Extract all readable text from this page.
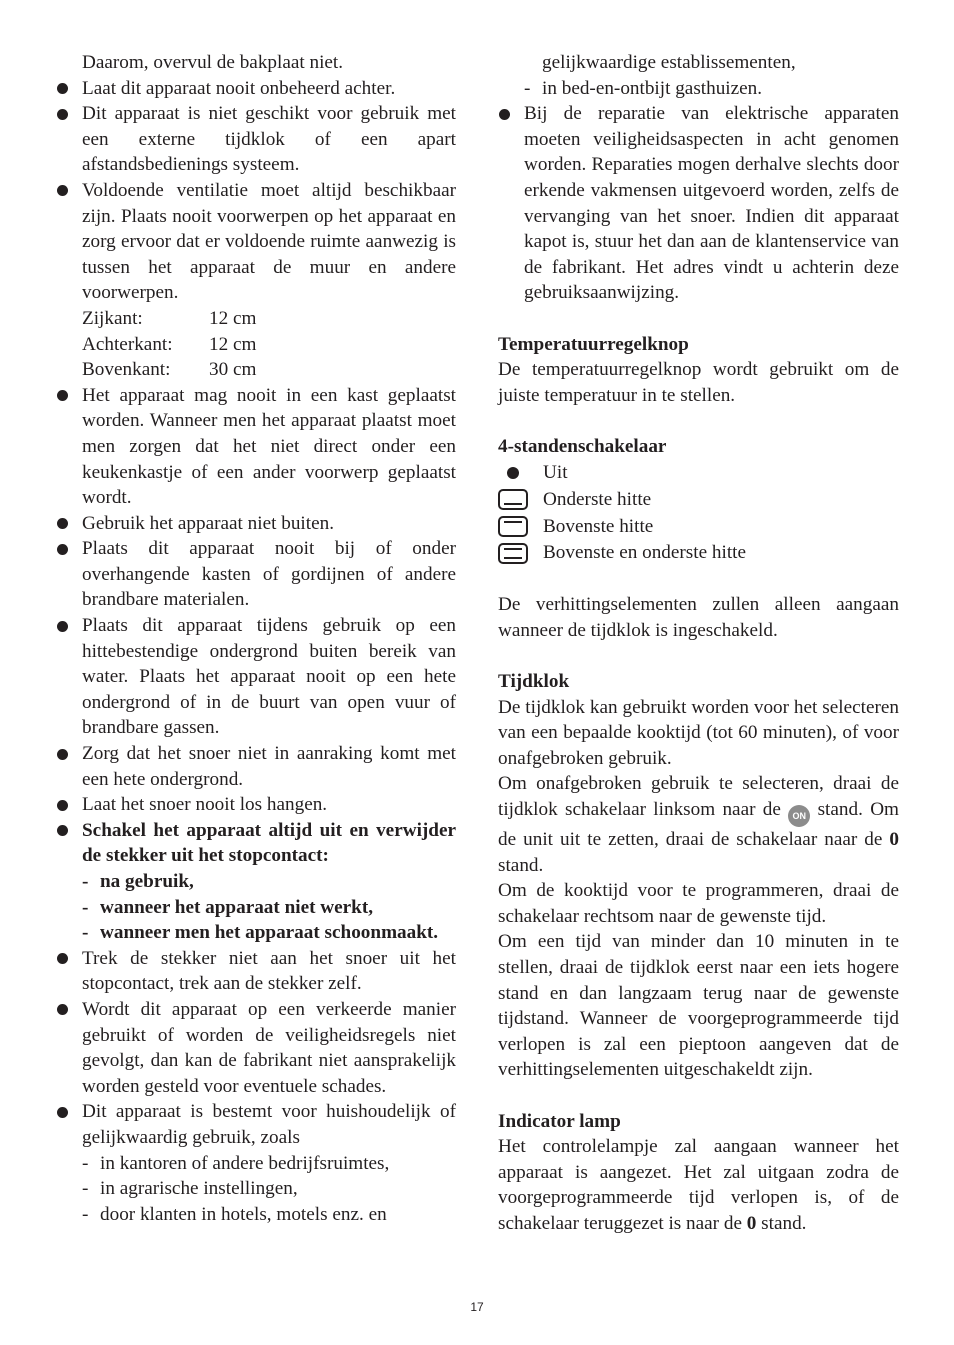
Daarom, overvul de bakplaat niet.
Laat dit apparaat nooit onbeheerd achter.
Dit apparaat is niet geschikt voor gebruik met een externe tijdklok of een apart afstandsbedienings systeem.
Voldoende ventilatie moet altijd beschikbaar zijn. Plaats nooit voorwerpen op het apparaat en zorg ervoor dat er voldoende ruimte aanwezig is tussen het apparaat de muur en andere voorwerpen.
Zijkant:	12 cm
Achterkant:	12 cm
Bovenkant:	30 cm
Het apparaat mag nooit in een kast geplaatst worden. Wanneer men het apparaat plaatst moet men zorgen dat het niet direct onder een keukenkastje of een ander voorwerp geplaatst wordt.
Gebruik het apparaat niet buiten.
Plaats dit apparaat nooit bij of onder overhangende kasten of gordijnen of andere brandbare materialen.
Plaats dit apparaat tijdens gebruik op een hittebestendige ondergrond buiten bereik van water. Plaats het apparaat nooit op een hete ondergrond of in de buurt van open vuur of brandbare gassen.
Zorg dat het snoer niet in aanraking komt met een hete ondergrond.
Laat het snoer nooit los hangen.
Schakel het apparaat altijd uit en verwijder de stekker uit het stopcontact:
- na gebruik,
- wanneer het apparaat niet werkt,
- wanneer men het apparaat schoonmaakt.
Trek de stekker niet aan het snoer uit het stopcontact, trek aan de stekker zelf.
Wordt dit apparaat op een verkeerde manier gebruikt of worden de veiligheidsregels niet gevolgt, dan kan de fabrikant niet aansprakelijk worden gesteld voor eventuele schades.
Dit apparaat is bestemt voor huishoudelijk of gelijkwaardig gebruik, zoals
- in kantoren of andere bedrijfsruimtes,
- in agrarische instellingen,
- door klanten in hotels, motels enz. en
gelijkwaardige establissementen,
- in bed-en-ontbijt gasthuizen.
Bij de reparatie van elektrische apparaten moeten veiligheidsaspecten in acht genomen worden. Reparaties mogen derhalve slechts door erkende vakmensen uitgevoerd worden, zelfs de vervanging van het snoer. Indien dit apparaat kapot is, stuur het dan aan de klantenservice van de fabrikant. Het adres vindt u achterin deze gebruiksaanwijzing.
Temperatuurregelknop

De temperatuurregelknop wordt gebruikt om de juiste temperatuur in te stellen.

4-standenschakelaar
Uit
Onderste hitte
Bovenste hitte
Bovenste en onderste hitte

De verhittingselementen zullen alleen aangaan wanneer de tijdklok is ingeschakeld.

Tijdklok

De tijdklok kan gebruikt worden voor het selecteren van een bepaalde kooktijd (tot 60 minuten), of voor onafgebroken gebruik.

Om onafgebroken gebruik te selecteren, draai de tijdklok schakelaar linksom naar de ON stand. Om de unit uit te zetten, draai de schakelaar naar de 0 stand.

Om de kooktijd voor te programmeren, draai de schakelaar rechtsom naar de gewenste tijd.

Om een tijd van minder dan 10 minuten in te stellen, draai de tijdklok eerst naar een iets hogere stand en dan langzaam terug naar de gewenste tijdstand. Wanneer de voorgeprogrammeerde tijd verlopen is zal een pieptoon aangeven dat de verhittingselementen uitgeschakeldt zijn.

Indicator lamp

Het controlelampje zal aangaan wanneer het apparaat is aangezet. Het zal uitgaan zodra de voorgeprogrammeerde tijd verlopen is, of de schakelaar teruggezet is naar de 0 stand.

17
